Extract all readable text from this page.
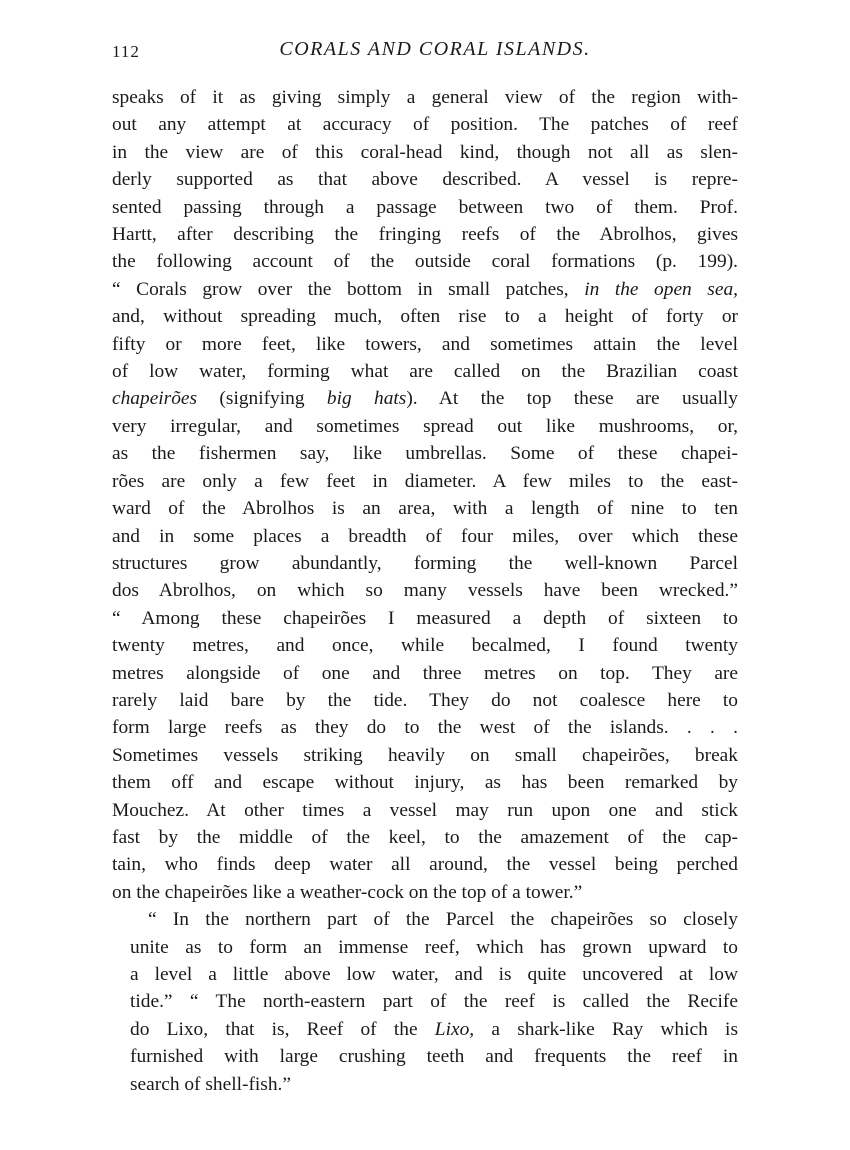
112	CORALS AND CORAL ISLANDS.

speaks of it as giving simply a general view of the region with-
out any attempt at accuracy of position. The patches of reef
in the view are of this coral-head kind, though not all as slen-
derly supported as that above described. A vessel is repre-
sented passing through a passage between two of them. Prof.
Hartt, after describing the fringing reefs of the Abrolhos, gives
the following account of the outside coral formations (p. 199).
“ Corals grow over the bottom in small patches, in the open sea,
and, without spreading much, often rise to a height of forty or
fifty or more feet, like towers, and sometimes attain the level
of low water, forming what are called on the Brazilian coast
chapeirões (signifying big hats). At the top these are usually
very irregular, and sometimes spread out like mushrooms, or,
as the fishermen say, like umbrellas. Some of these chapei-
rões are only a few feet in diameter. A few miles to the east-
ward of the Abrolhos is an area, with a length of nine to ten
and in some places a breadth of four miles, over which these
structures grow abundantly, forming the well-known Parcel
dos Abrolhos, on which so many vessels have been wrecked.”
“ Among these chapeirões I measured a depth of sixteen to
twenty metres, and once, while becalmed, I found twenty
metres alongside of one and three metres on top. They are
rarely laid bare by the tide. They do not coalesce here to
form large reefs as they do to the west of the islands. . . .
Sometimes vessels striking heavily on small chapeirões, break
them off and escape without injury, as has been remarked by
Mouchez. At other times a vessel may run upon one and stick
fast by the middle of the keel, to the amazement of the cap-
tain, who finds deep water all around, the vessel being perched
on the chapeirões like a weather-cock on the top of a tower.”

“ In the northern part of the Parcel the chapeirões so closely
unite as to form an immense reef, which has grown upward to
a level a little above low water, and is quite uncovered at low
tide.” “ The north-eastern part of the reef is called the Recife
do Lixo, that is, Reef of the Lixo, a shark-like Ray which is
furnished with large crushing teeth and frequents the reef in
search of shell-fish.”
